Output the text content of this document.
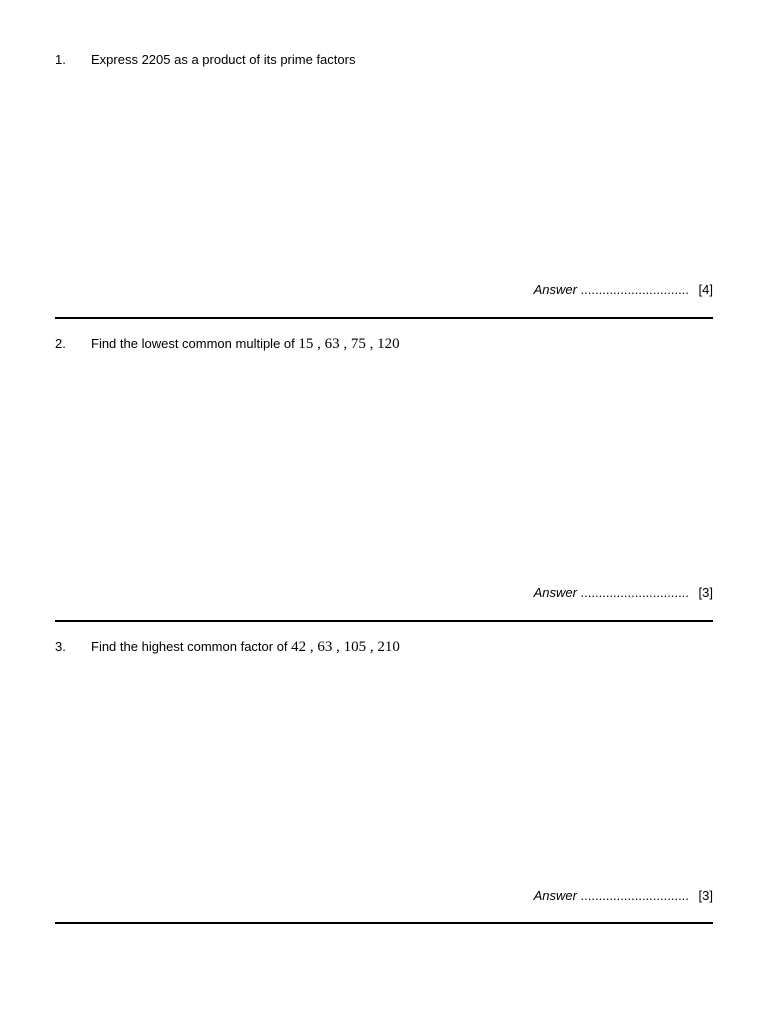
1. Express 2205 as a product of its prime factors
Answer .............................. [4]
2. Find the lowest common multiple of 15 , 63 , 75 , 120
Answer .............................. [3]
3. Find the highest common factor of 42 , 63 , 105 , 210
Answer .............................. [3]
